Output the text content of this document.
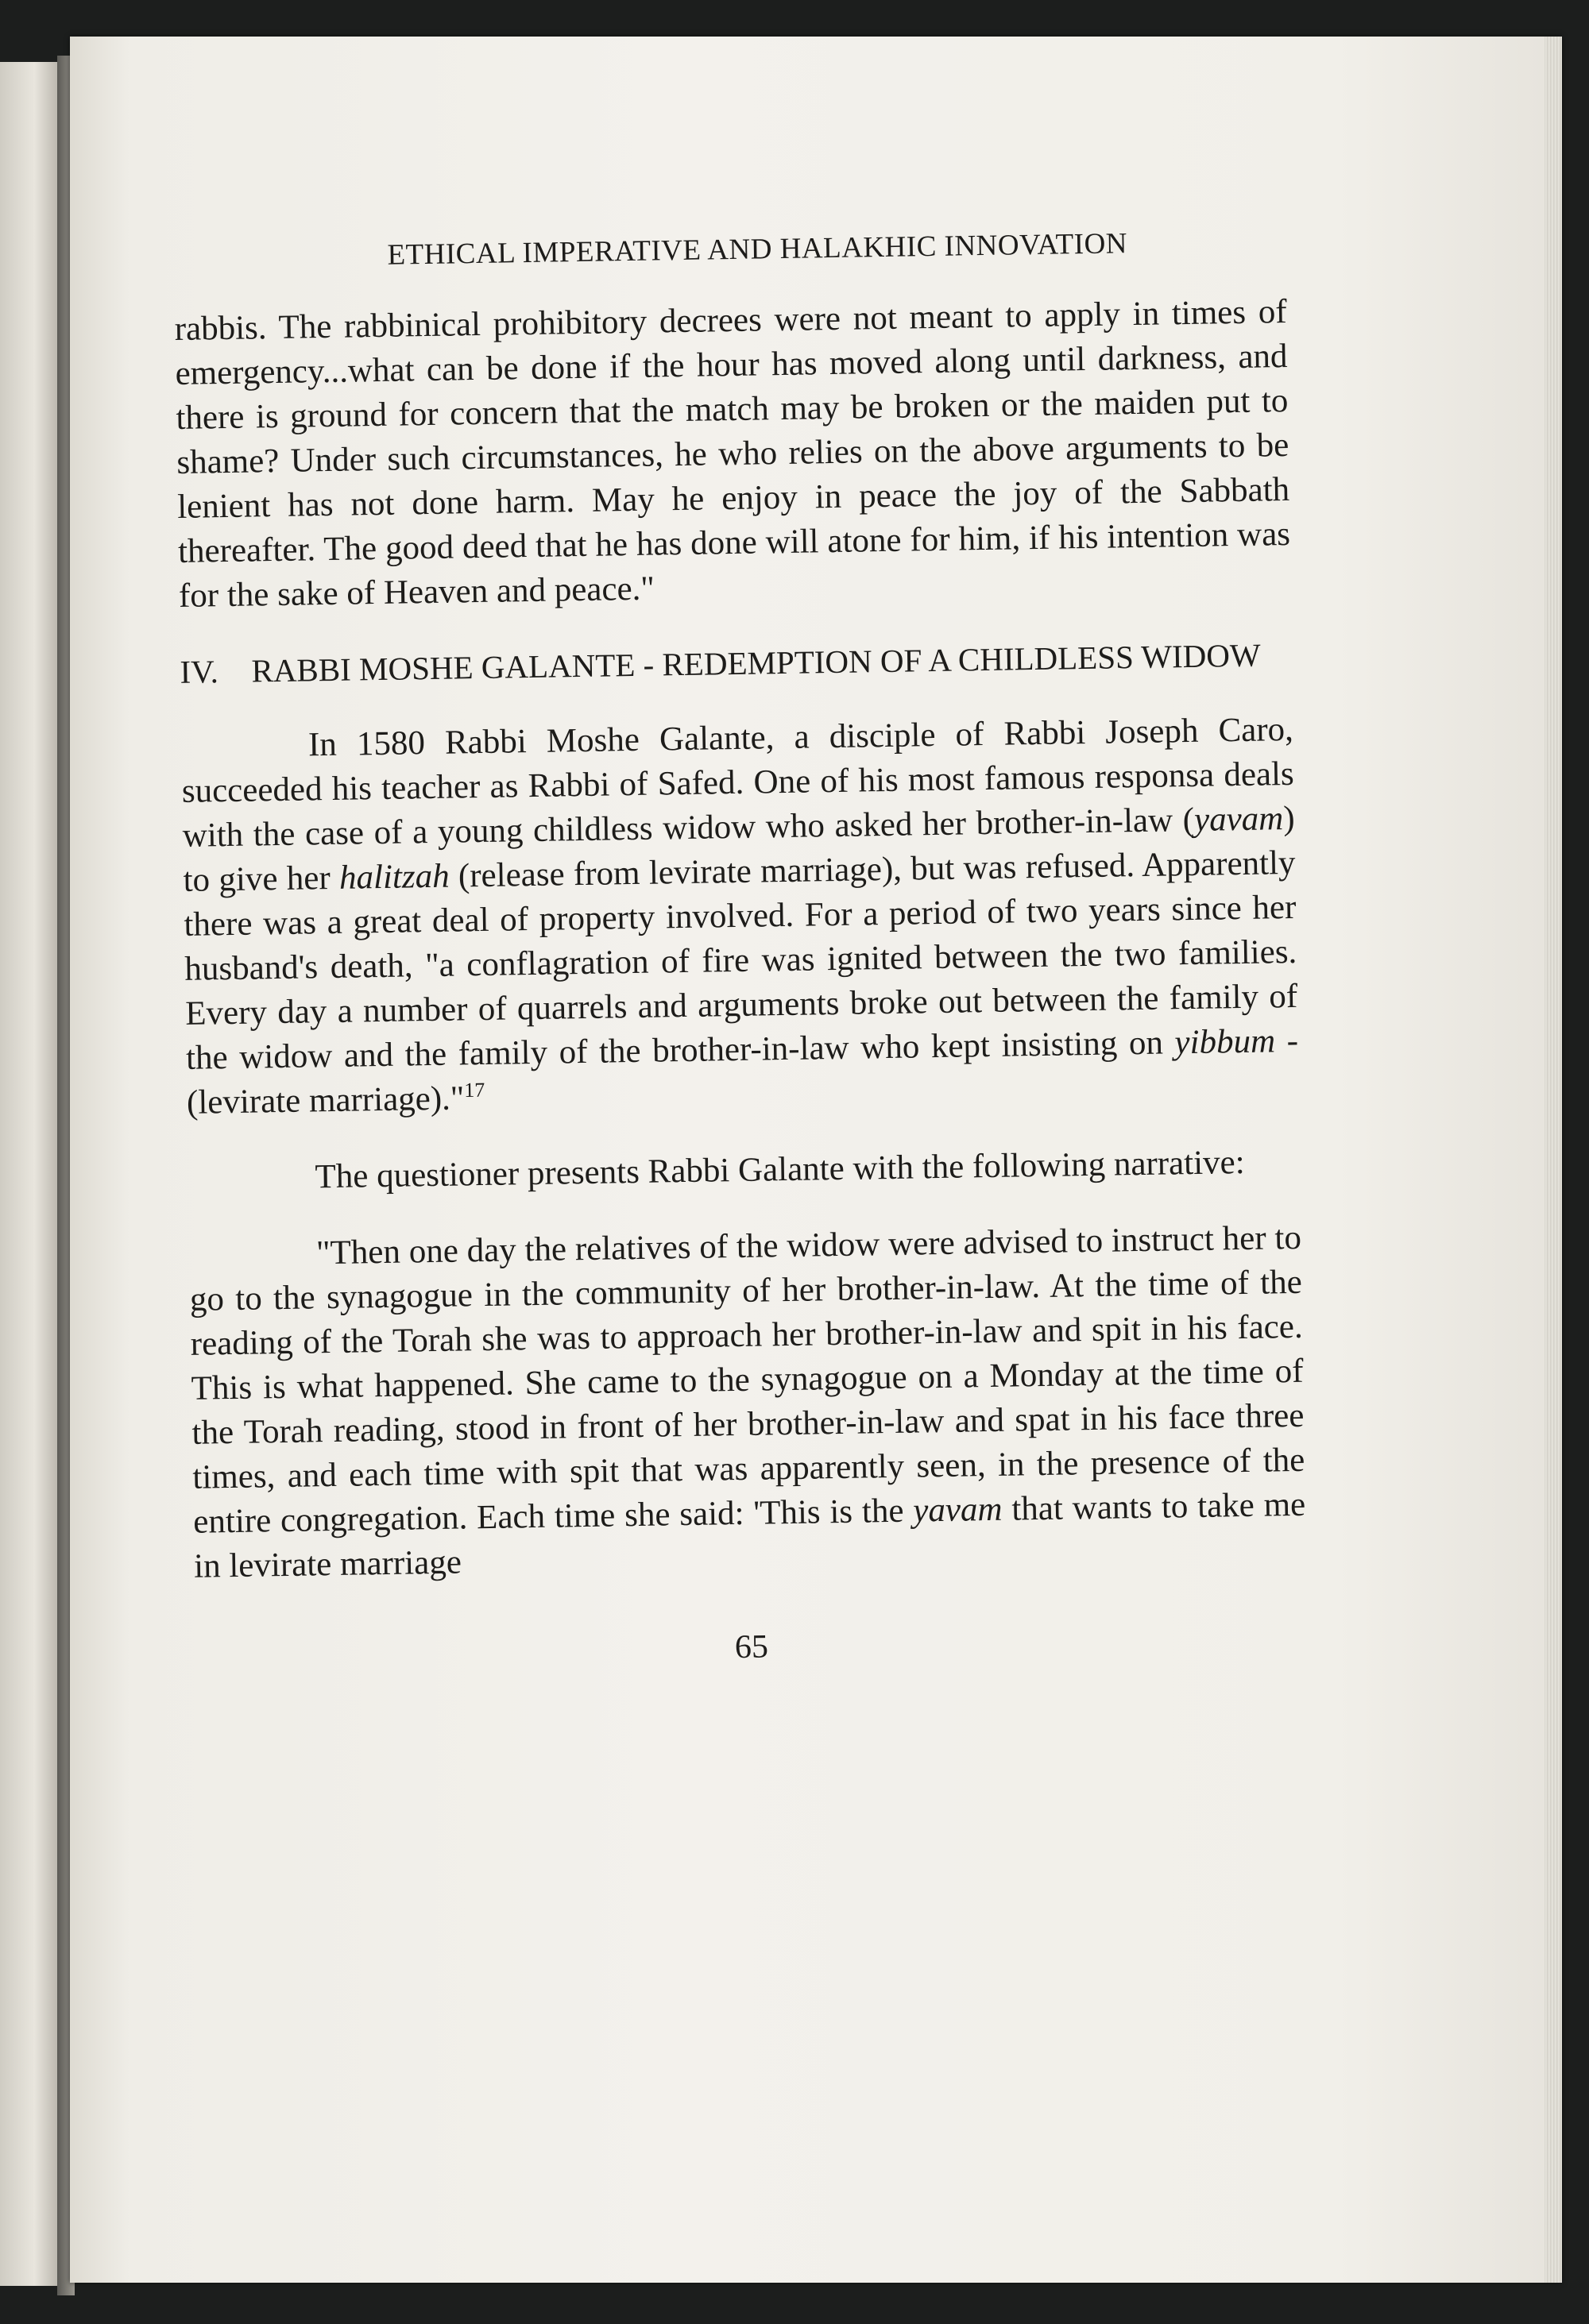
ETHICAL IMPERATIVE AND HALAKHIC INNOVATION

rabbis. The rabbinical prohibitory decrees were not meant to apply in times of emergency...what can be done if the hour has moved along until darkness, and there is ground for concern that the match may be broken or the maiden put to shame? Under such circumstances, he who relies on the above arguments to be lenient has not done harm. May he enjoy in peace the joy of the Sabbath thereafter. The good deed that he has done will atone for him, if his intention was for the sake of Heaven and peace."

IV.	RABBI MOSHE GALANTE - REDEMPTION OF A CHILDLESS WIDOW

In 1580 Rabbi Moshe Galante, a disciple of Rabbi Joseph Caro, succeeded his teacher as Rabbi of Safed. One of his most famous responsa deals with the case of a young childless widow who asked her brother-in-law (yavam) to give her halitzah (release from levirate marriage), but was refused. Apparently there was a great deal of property involved. For a period of two years since her husband's death, "a conflagration of fire was ignited between the two families. Every day a number of quarrels and arguments broke out between the family of the widow and the family of the brother-in-law who kept insisting on yibbum - (levirate marriage)."$^{17}$

The questioner presents Rabbi Galante with the following narrative:

"Then one day the relatives of the widow were advised to instruct her to go to the synagogue in the community of her brother-in-law. At the time of the reading of the Torah she was to approach her brother-in-law and spit in his face. This is what happened. She came to the synagogue on a Monday at the time of the Torah reading, stood in front of her brother-in-law and spat in his face three times, and each time with spit that was apparently seen, in the presence of the entire congregation. Each time she said: 'This is the yavam that wants to take me in levirate marriage

65
